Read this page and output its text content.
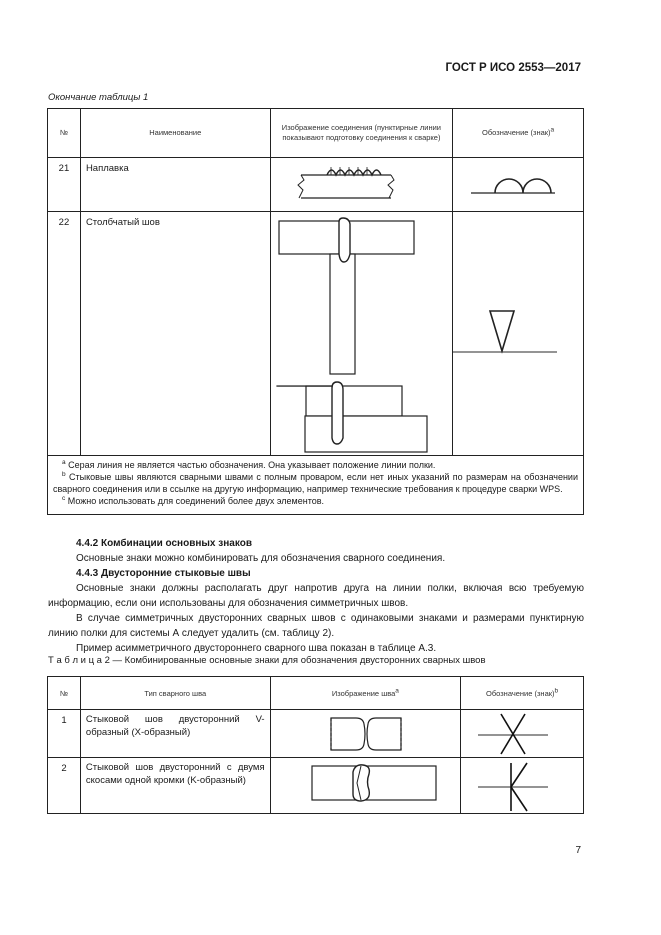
ГОСТ Р ИСО 2553—2017
Окончание таблицы 1
№	Наименование	Изображение соединения (пунктирные линии показывают подготовку соединения к сварке)	Обозначение (знак)$^a$
21	Наплавка	

22	Столбчатый шов	

$^a$ Серая линия не является частью обозначения. Она указывает положение линии полки.

$^b$ Стыковые швы являются сварными швами с полным проваром, если нет иных указаний по размерам на обозначении сварного соединения или в ссылке на другую информацию, например технические требования к процедуре сварки WPS.

$^c$ Можно использовать для соединений более двух элементов.			

4.4.2 Комбинации основных знаков

Основные знаки можно комбинировать для обозначения сварного соединения.

4.4.3 Двусторонние стыковые швы

Основные знаки должны располагать друг напротив друга на линии полки, включая всю требуемую информацию, если они использованы для обозначения симметричных швов.

В случае симметричных двусторонних сварных швов с одинаковыми знаками и размерами пунктирную линию полки для системы А следует удалить (см. таблицу 2).

Пример асимметричного двустороннего сварного шва показан в таблице А.3.

Т а б л и ц а 2 — Комбинированные основные знаки для обозначения двусторонних сварных швов
№	Тип сварного шва	Изображение шва$^a$	Обозначение (знак)$^b$
1	Стыковой шов двусторонний V-образный (X-образный)	

2	Стыковой шов двусторонний с двумя скосами одной кромки (K-образный)	

7
